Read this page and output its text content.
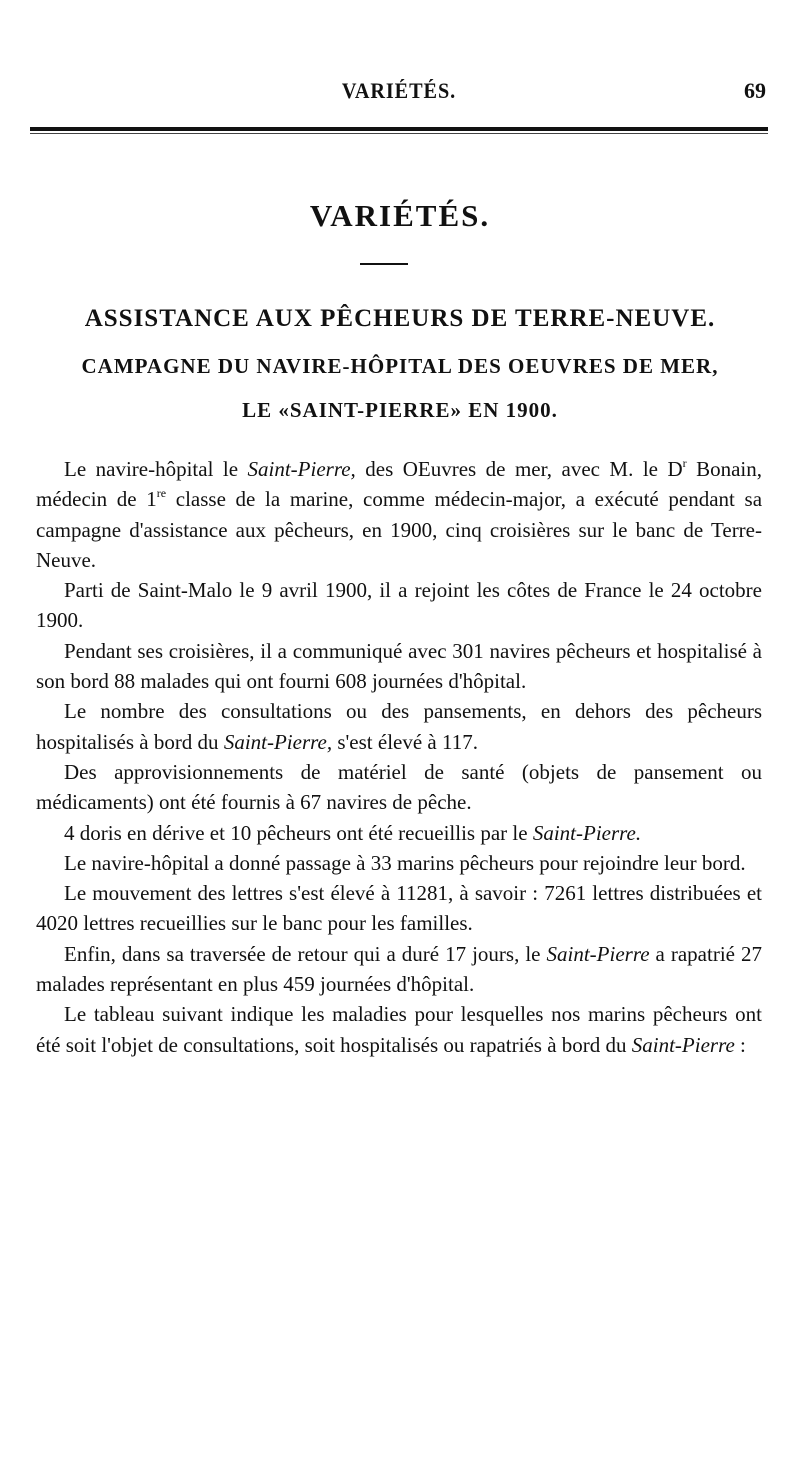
VARIÉTÉS.	69
VARIÉTÉS.
ASSISTANCE AUX PÊCHEURS DE TERRE-NEUVE.
CAMPAGNE DU NAVIRE-HÔPITAL DES OEUVRES DE MER,
LE «SAINT-PIERRE» EN 1900.

Le navire-hôpital le Saint-Pierre, des OEuvres de mer, avec M. le $D^r$ Bonain, médecin de 1re classe de la marine, comme médecin-major, a exécuté pendant sa campagne d'assistance aux pêcheurs, en 1900, cinq croisières sur le banc de Terre-Neuve.

Parti de Saint-Malo le 9 avril 1900, il a rejoint les côtes de France le 24 octobre 1900.

Pendant ses croisières, il a communiqué avec 301 navires pêcheurs et hospitalisé à son bord 88 malades qui ont fourni 608 journées d'hôpital.

Le nombre des consultations ou des pansements, en dehors des pêcheurs hospitalisés à bord du Saint-Pierre, s'est élevé à 117.

Des approvisionnements de matériel de santé (objets de pansement ou médicaments) ont été fournis à 67 navires de pêche.

4 doris en dérive et 10 pêcheurs ont été recueillis par le Saint-Pierre.

Le navire-hôpital a donné passage à 33 marins pêcheurs pour rejoindre leur bord.

Le mouvement des lettres s'est élevé à 11281, à savoir : 7261 lettres distribuées et 4020 lettres recueillies sur le banc pour les familles.

Enfin, dans sa traversée de retour qui a duré 17 jours, le Saint-Pierre a rapatrié 27 malades représentant en plus 459 journées d'hôpital.

Le tableau suivant indique les maladies pour lesquelles nos marins pêcheurs ont été soit l'objet de consultations, soit hospitalisés ou rapatriés à bord du Saint-Pierre :
